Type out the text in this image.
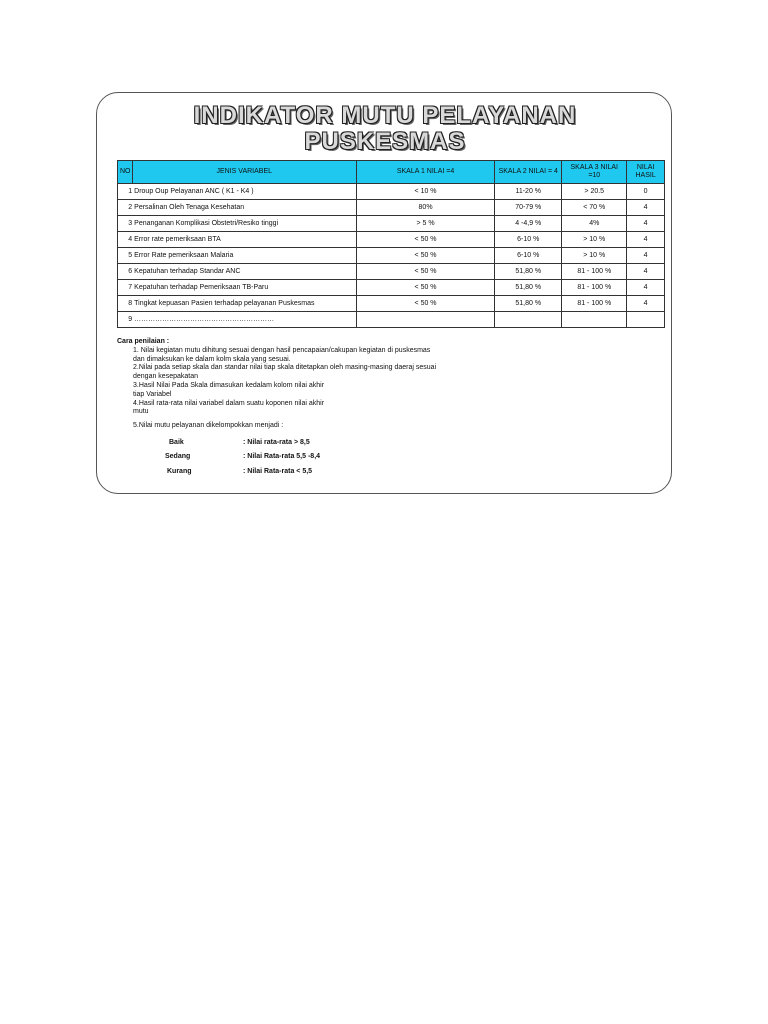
INDIKATOR MUTU PELAYANAN
PUSKESMAS
NO	JENIS VARIABEL	SKALA 1 NILAI =4	SKALA 2 NILAI = 4	SKALA 3 NILAI =10	NILAI HASIL
1	Droup Oup Pelayanan ANC ( K1 - K4 )	< 10 %	11-20 %	> 20.5	0
2	Persalinan Oleh Tenaga Kesehatan	80%	70-79 %	< 70 %	4
3	Penanganan Komplikasi Obstetri/Resiko tinggi	> 5 %	4 -4,9 %	4%	4
4	Error rate pemeriksaan BTA	< 50 %	6-10 %	> 10 %	4
5	Error Rate pemeriksaan Malaria	< 50 %	6-10 %	> 10 %	4
6	Kepatuhan terhadap Standar ANC	< 50 %	51,80 %	81 - 100 %	4
7	Kepatuhan terhadap Pemeriksaan TB-Paru	< 50 %	51,80 %	81 - 100 %	4
8	Tingkat kepuasan Pasien terhadap pelayanan Puskesmas	< 50 %	51,80 %	81 - 100 %	4
9	……………………………………………………				

Cara penilaian :

1. Nilai kegiatan mutu dihitung sesuai dengan hasil pencapaian/cakupan kegiatan di puskesmas

dan dimaksukan ke dalam kolm skala yang sesuai.

2.Nilai pada setiap skala dan standar nilai tiap skala ditetapkan oleh masing-masing daeraj sesuai

dengan kesepakatan

3.Hasil Nilai Pada Skala dimasukan kedalam kolom nilai akhir

tiap Variabel

4.Hasil rata-rata nilai variabel dalam suatu koponen nilai akhir

mutu

5.Nilai mutu pelayanan dikelompokkan menjadi :

Baik	: Nilai rata-rata > 8,5
Sedang	: Nilai Rata-rata 5,5 -8,4
Kurang	: Nilai Rata-rata < 5,5
